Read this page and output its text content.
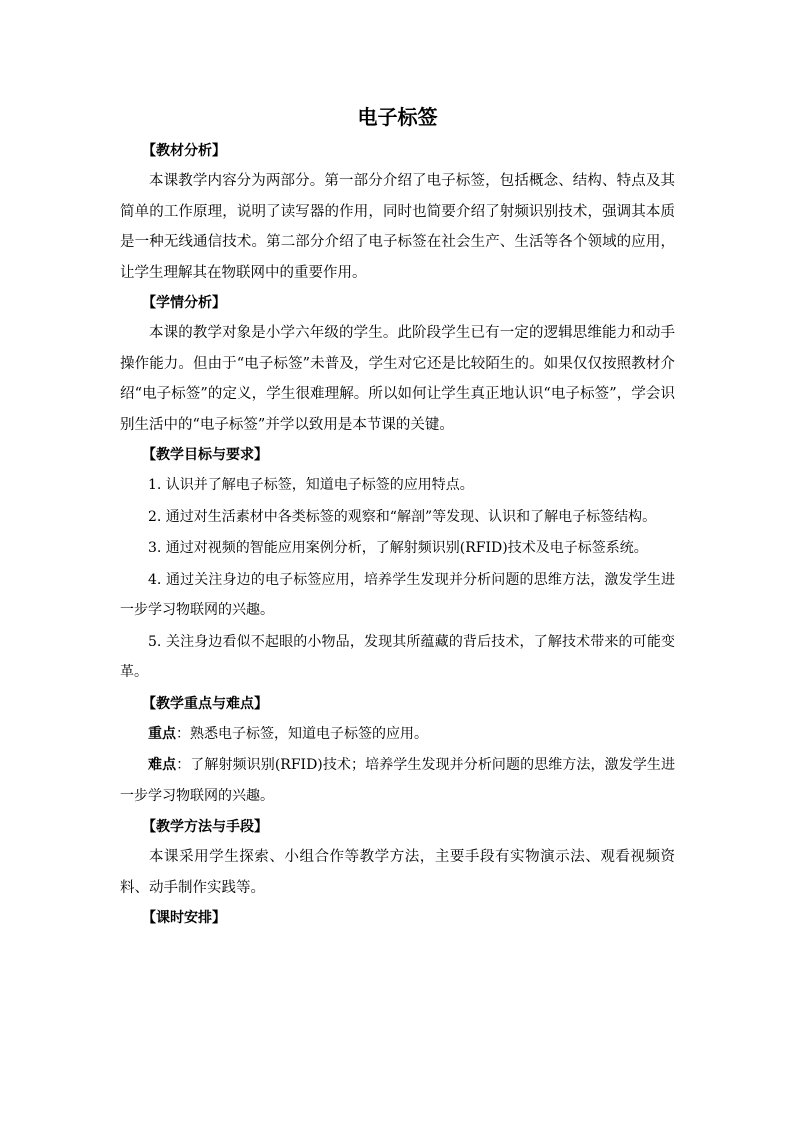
电子标签
【教材分析】

本课教学内容分为两部分。第一部分介绍了电子标签，包括概念、结构、特点及其简单的工作原理，说明了读写器的作用，同时也简要介绍了射频识别技术，强调其本质是一种无线通信技术。第二部分介绍了电子标签在社会生产、生活等各个领域的应用，让学生理解其在物联网中的重要作用。

【学情分析】

本课的教学对象是小学六年级的学生。此阶段学生已有一定的逻辑思维能力和动手操作能力。但由于“电子标签”未普及，学生对它还是比较陌生的。如果仅仅按照教材介绍“电子标签”的定义，学生很难理解。所以如何让学生真正地认识“电子标签”，学会识别生活中的“电子标签”并学以致用是本节课的关键。

【教学目标与要求】

1. 认识并了解电子标签，知道电子标签的应用特点。

2. 通过对生活素材中各类标签的观察和“解剖”等发现、认识和了解电子标签结构。

3. 通过对视频的智能应用案例分析，了解射频识别(RFID)技术及电子标签系统。

4. 通过关注身边的电子标签应用，培养学生发现并分析问题的思维方法，激发学生进一步学习物联网的兴趣。

5. 关注身边看似不起眼的小物品，发现其所蕴藏的背后技术，了解技术带来的可能变革。

【教学重点与难点】

重点：熟悉电子标签，知道电子标签的应用。

难点：了解射频识别(RFID)技术；培养学生发现并分析问题的思维方法，激发学生进一步学习物联网的兴趣。

【教学方法与手段】

本课采用学生探索、小组合作等教学方法，主要手段有实物演示法、观看视频资料、动手制作实践等。

【课时安排】
